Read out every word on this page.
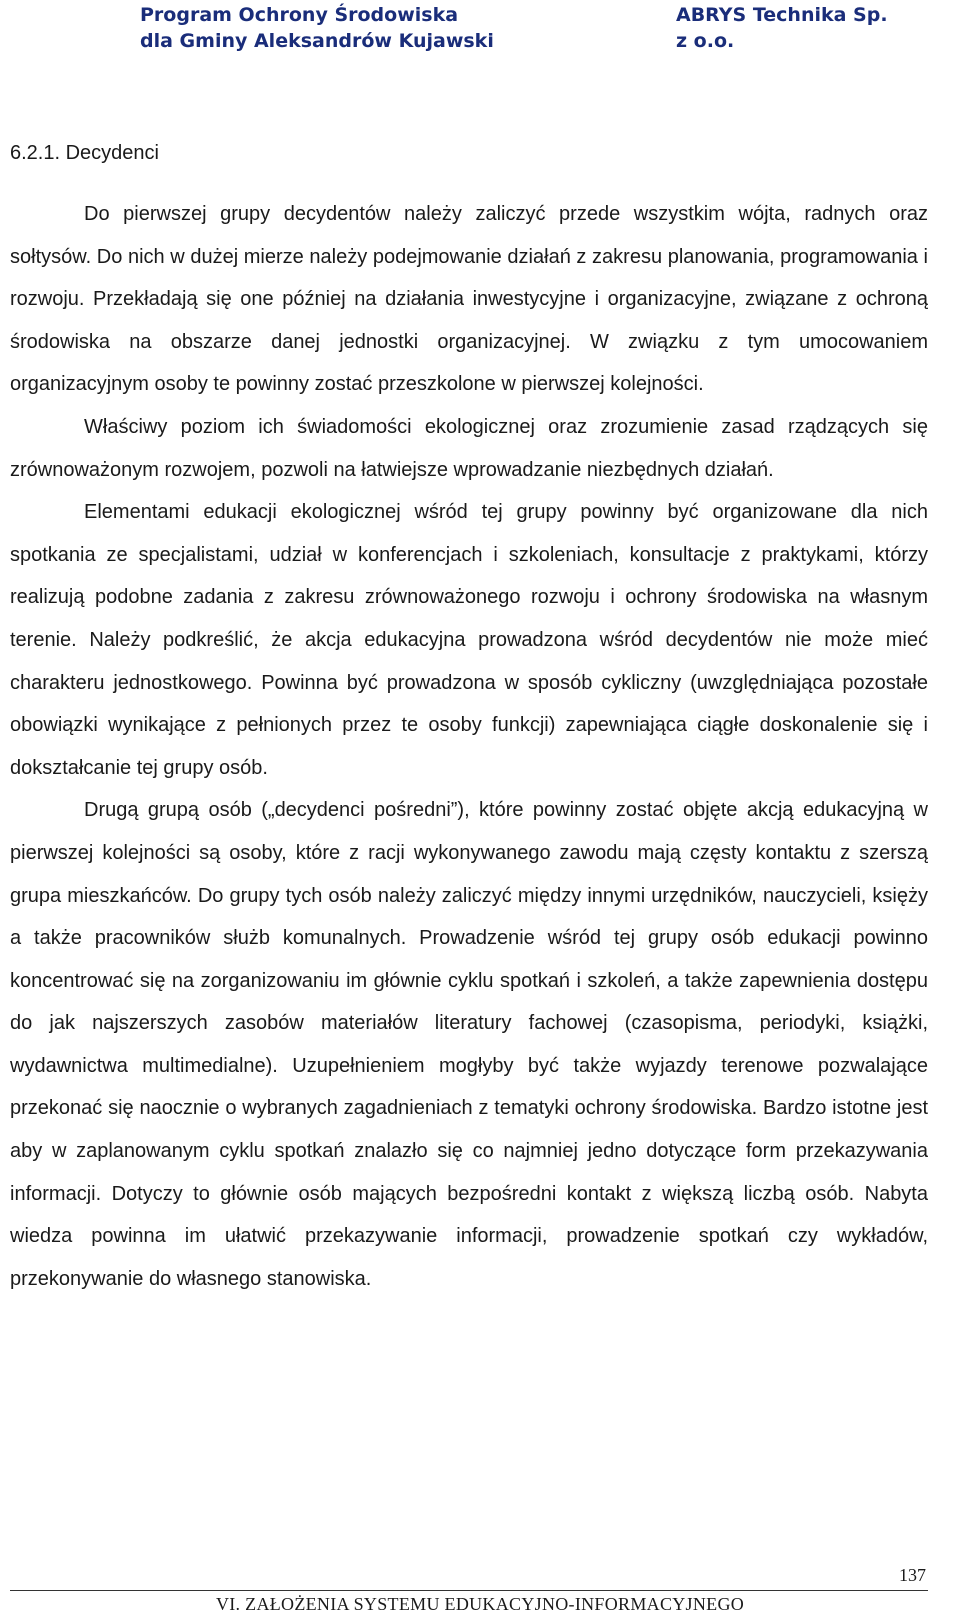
Program Ochrony Środowiska
dla Gminy Aleksandrów Kujawski
ABRYS Technika Sp.
z o.o.
6.2.1. Decydenci

Do pierwszej grupy decydentów należy zaliczyć przede wszystkim wójta, radnych oraz sołtysów. Do nich w dużej mierze należy podejmowanie działań z zakresu planowania, programowania i rozwoju. Przekładają się one później na działania inwestycyjne i organizacyjne, związane z ochroną środowiska na obszarze danej jednostki organizacyjnej. W związku z tym umocowaniem organizacyjnym osoby te powinny zostać przeszkolone w pierwszej kolejności.

Właściwy poziom ich świadomości ekologicznej oraz zrozumienie zasad rządzących się zrównoważonym rozwojem, pozwoli na łatwiejsze wprowadzanie niezbędnych działań.

Elementami edukacji ekologicznej wśród tej grupy powinny być organizowane dla nich spotkania ze specjalistami, udział w konferencjach i szkoleniach, konsultacje z praktykami, którzy realizują podobne zadania z zakresu zrównoważonego rozwoju i ochrony środowiska na własnym terenie. Należy podkreślić, że akcja edukacyjna prowadzona wśród decydentów nie może mieć charakteru jednostkowego. Powinna być prowadzona w sposób cykliczny (uwzględniająca pozostałe obowiązki wynikające z pełnionych przez te osoby funkcji) zapewniająca ciągłe doskonalenie się i dokształcanie tej grupy osób.

Drugą grupą osób („decydenci pośredni”), które powinny zostać objęte akcją edukacyjną w pierwszej kolejności są osoby, które z racji wykonywanego zawodu mają częsty kontaktu z szerszą grupa mieszkańców. Do grupy tych osób należy zaliczyć między innymi urzędników, nauczycieli, księży a także pracowników służb komunalnych. Prowadzenie wśród tej grupy osób edukacji powinno koncentrować się na zorganizowaniu im głównie cyklu spotkań i szkoleń, a także zapewnienia dostępu do jak najszerszych zasobów materiałów literatury fachowej (czasopisma, periodyki, książki, wydawnictwa multimedialne). Uzupełnieniem mogłyby być także wyjazdy terenowe pozwalające przekonać się naocznie o wybranych zagadnieniach z tematyki ochrony środowiska. Bardzo istotne jest aby w zaplanowanym cyklu spotkań znalazło się co najmniej jedno dotyczące form przekazywania informacji. Dotyczy to głównie osób mających bezpośredni kontakt z większą liczbą osób. Nabyta wiedza powinna im ułatwić przekazywanie informacji, prowadzenie spotkań czy wykładów, przekonywanie do własnego stanowiska.

137
VI. ZAŁOŻENIA SYSTEMU EDUKACYJNO-INFORMACYJNEGO
